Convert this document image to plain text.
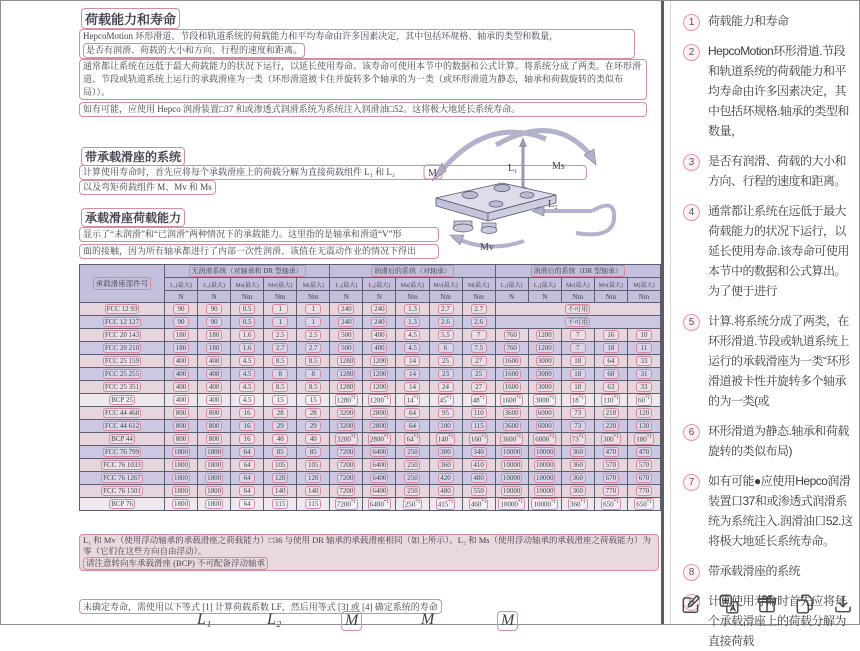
荷载能力和寿命
HepcoMotion 环形滑道、节段和轨道系统的荷载能力和平均寿命由许多因素决定，其中包括环规格、轴承的类型和数量，
是否有润滑、荷载的大小和方向、行程的速度和距离。
通常都让系统在远低于最大荷载能力的状况下运行，以延长使用寿命。该寿命可使用本节中的数据和公式计算。将系统分成了两类。在环形滑道、节段或轨道系统上运行的承载滑座为一类（环形滑道被卡住并旋转多个轴承的为一类（或环形滑道为静态，轴承和荷载旋转的类似布局））。
如有可能，应使用 Hepco 润滑装置□37 和或渗透式润滑系统为系统注入润滑油□52。这将极大地延长系统寿命。
带承载滑座的系统
计算使用寿命时，首先应将每个承载滑座上的荷载分解为直接荷载组件 L₁ 和 L₂
以及弯矩荷载组件 M、Mv 和 Ms
承载滑座荷载能力
显示了“未润滑”和“已润滑”两种情况下的承载能力。这里指的是轴承和滑道“V”形
面的接触，因为所有轴承都进行了内部一次性润滑。该值在无震动作业的情况下得出
M	L₁	Ms
L₂
Mv
承载滑座部件号	无润滑系统（对轴承和 DR 型轴承）					润滑后的系统（对轴承）					润滑后的系统（DR 型轴承）				
	L₁(最大)	L₂(最大)	Ms(最大)	Mv(最大)	M(最大)	L₁(最大)	L₂(最大)	Ms(最大)	Mv(最大)	M(最大)	L₁(最大)	L₂(最大)	Ms(最大)	Mv(最大)	M(最大)
	N	N	Nm	Nm	Nm	N	N	Nm	Nm	Nm	N	N	Nm	Nm	Nm
FCC 12 93	90	90	0.5	1	1	240	240	1.3	2.7	2.7	不可用				
FCC 12 127	90	90	0.5	1	1	240	240	1.3	2.6	2.6	不可用				
FCC 20 143	180	180	1.6	2.5	2.5	500	400	4.5	5.5	7	760	1200	7	16	10
FCC 20 210	180	180	1.6	2.7	2.7	500	400	4.5	6	7.5	760	1200	7	18	11
FCC 25 159	400	400	4.5	8.5	8.5	1280	1200	14	25	27	1600	3000	18	64	33
FCC 25 255	400	400	4.5	8	8	1280	1200	14	23	25	1600	3000	18	60	31
FCC 25 351	400	400	4.5	8.5	8.5	1280	1200	14	24	27	1600	3000	18	63	33
BCP 25	400	400	4.5	15	15	1280$^{*1}$	1200$^{*1}$	14$^{*1}$	45$^{*1}$	48$^{*1}$	1600$^{*1}$	3000$^{*1}$	18$^{*1}$	110$^{*1}$	60$^{*1}$
FCC 44 468	800	800	16	28	28	3200	2800	64	95	110	3600	6000	73	210	120
FCC 44 612	800	800	16	29	29	3200	2800	64	100	115	3600	6000	73	220	130
BCP 44	800	800	16	40	40	3200$^{*1}$	2800$^{*1}$	64$^{*1}$	140$^{*1}$	160$^{*1}$	3600$^{*1}$	6000$^{*1}$	73$^{*1}$	300$^{*1}$	180$^{*1}$
FCC 76 799	1800	1800	64	85	85	7200	6400	250	300	340	10000	10000	360	470	470
FCC 76 1033	1800	1800	64	105	105	7200	6400	250	360	410	10000	10000	360	570	570
FCC 76 1267	1800	1800	64	120	120	7200	6400	250	420	480	10000	10000	360	670	670
FCC 76 1501	1800	1800	64	140	140	7200	6400	250	480	550	10000	10000	360	770	770
BCP 76	1800	1800	64	115	115	7200$^{*1}$	6400$^{*1}$	250$^{*1}$	415$^{*1}$	460$^{*1}$	10000$^{*1}$	10000$^{*1}$	360$^{*1}$	650$^{*1}$	650$^{*1}$
L₁ 和 Mv（使用浮动轴承的承载滑座之荷载能力）□36 与使用 DR 轴承的承载滑座相同（如上所示）。L₂ 和 Ms（使用浮动轴承的承载滑座之荷载能力）为零（它们在这些方向自由浮动）。
请注意转向车承载滑座 (BCP) 不可配备浮动轴承
未确定寿命，需使用以下等式 [1] 计算荷载系数 LF，然后用等式 [3] 或 [4] 确定系统的寿命
L₁	L₂	M	M	M
1	荷载能力和寿命
2	HepcoMotion环形滑道.节段和轨道系统的荷载能力和平均寿命由许多因素决定，其中包括环规格.轴承的类型和数量，
3	是否有润滑、荷载的大小和方向、行程的速度和距离。
4	通常都让系统在远低于最大荷载能力的状况下运行，以延长使用寿命.该寿命可使用本节中的数据和公式算出。为了便于进行
5	计算.将系统分成了两类，在环形滑道.节段或轨道系统上运行的承载滑座为一类“环形滑道被卡性并旋转多个轴承的为一类(或
6	环形滑道为静态.轴承和荷载旋转的类似布局)
7	如有可能●应使用Hepco润滑装置口37和或渗透式润滑系统为系统注入.润滑油口52.这将极大地延长系统寿命。
8	带承载滑座的系统
9	计算使用寿命时首先应将每个承载滑座上的荷载分解为直接荷载
